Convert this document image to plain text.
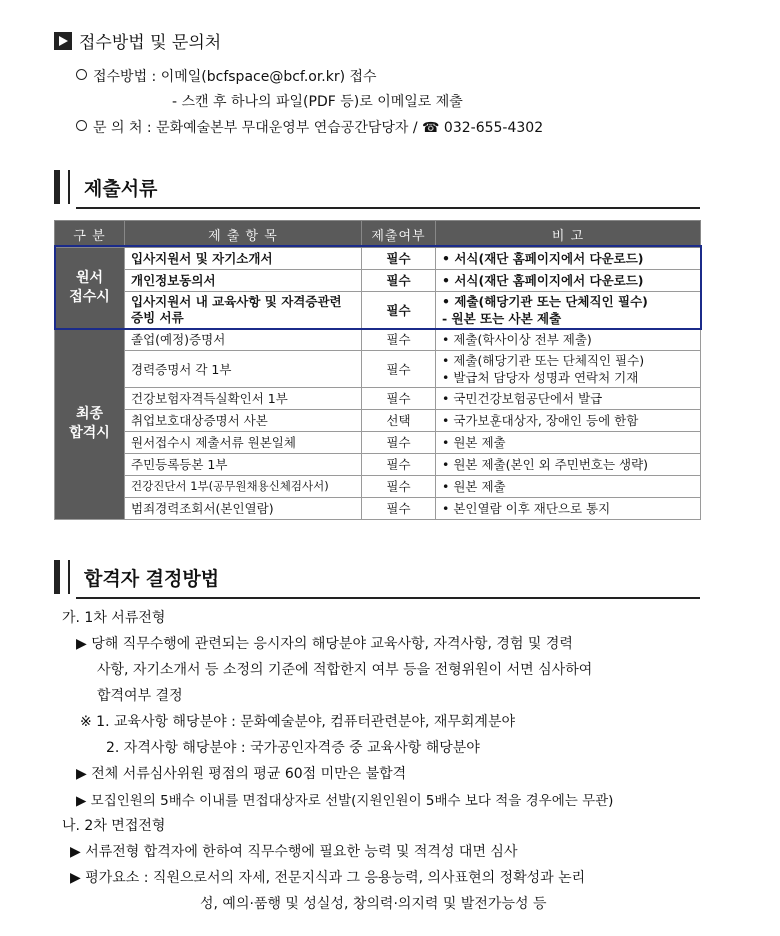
접수방법 및 문의처
접수방법 : 이메일(bcfspace@bcf.or.kr) 접수
- 스캔 후 하나의 파일(PDF 등)로 이메일로 제출
문 의 처 : 문화예술본부 무대운영부 연습공간담당자 / ☎ 032-655-4302
제출서류
구 분	제 출 항 목	제출여부	비 고
원서
접수시	입사지원서 및 자기소개서	필수	• 서식(재단 홈페이지에서 다운로드)
	개인정보동의서	필수	• 서식(재단 홈페이지에서 다운로드)
	입사지원서 내 교육사항 및 자격증관련 증빙 서류	필수	• 제출(해당기관 또는 단체직인 필수)
- 원본 또는 사본 제출

최종
합격시	졸업(예정)증명서	필수	• 제출(학사이상 전부 제출)
	경력증명서 각 1부	필수	• 제출(해당기관 또는 단체직인 필수)
• 발급처 담당자 성명과 연락처 기재

	건강보험자격득실확인서 1부	필수	• 국민건강보험공단에서 발급
	취업보호대상증명서 사본	선택	• 국가보훈대상자, 장애인 등에 한함
	원서접수시 제출서류 원본일체	필수	• 원본 제출
	주민등록등본 1부	필수	• 원본 제출(본인 외 주민번호는 생략)
	건강진단서 1부(공무원채용신체검사서)	필수	• 원본 제출
	범죄경력조회서(본인열람)	필수	• 본인열람 이후 재단으로 통지
합격자 결정방법
가. 1차 서류전형
▶ 당해 직무수행에 관련되는 응시자의 해당분야 교육사항, 자격사항, 경험 및 경력
사항, 자기소개서 등 소정의 기준에 적합한지 여부 등을 전형위원이 서면 심사하여
합격여부 결정
※ 1. 교육사항 해당분야 : 문화예술분야, 컴퓨터관련분야, 재무회계분야
2. 자격사항 해당분야 : 국가공인자격증 중 교육사항 해당분야
▶ 전체 서류심사위원 평점의 평균 60점 미만은 불합격
▶ 모집인원의 5배수 이내를 면접대상자로 선발(지원인원이 5배수 보다 적을 경우에는 무관)
나. 2차 면접전형
▶ 서류전형 합격자에 한하여 직무수행에 필요한 능력 및 적격성 대면 심사
▶ 평가요소 : 직원으로서의 자세, 전문지식과 그 응용능력, 의사표현의 정확성과 논리
성, 예의·품행 및 성실성, 창의력·의지력 및 발전가능성 등
